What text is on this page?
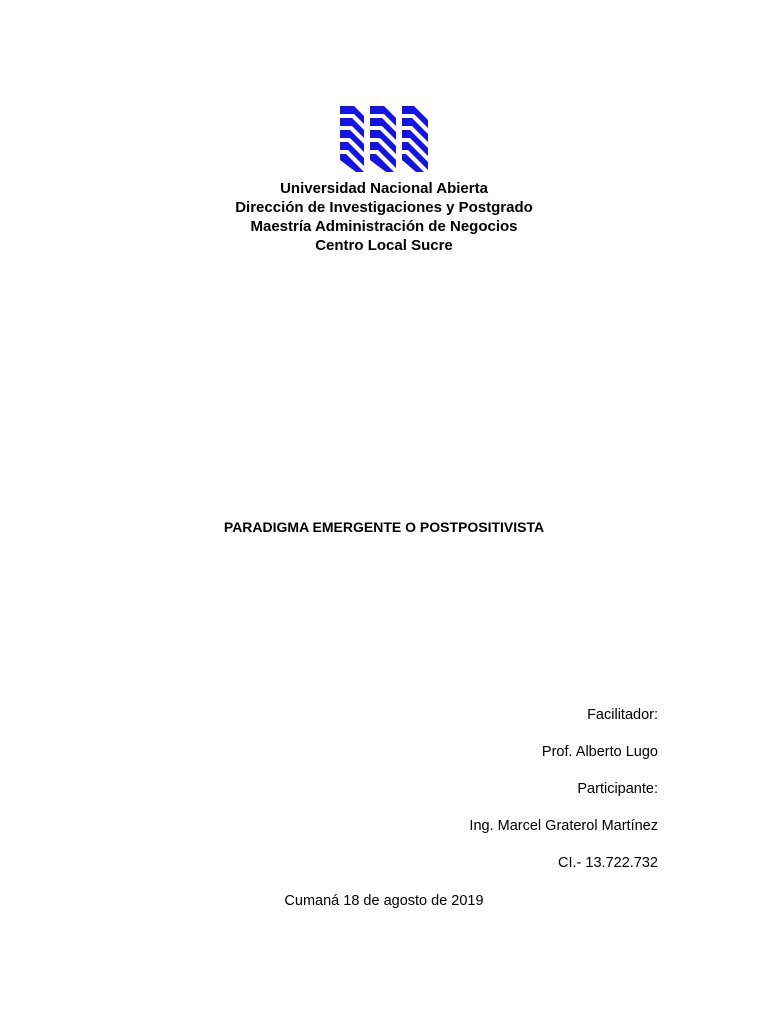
Universidad Nacional Abierta
Dirección de Investigaciones y Postgrado
Maestría Administración de Negocios
Centro Local Sucre
PARADIGMA EMERGENTE O POSTPOSITIVISTA
Facilitador:
Prof. Alberto Lugo
Participante:
Ing. Marcel Graterol Martínez
CI.- 13.722.732
Cumaná 18 de agosto de 2019
